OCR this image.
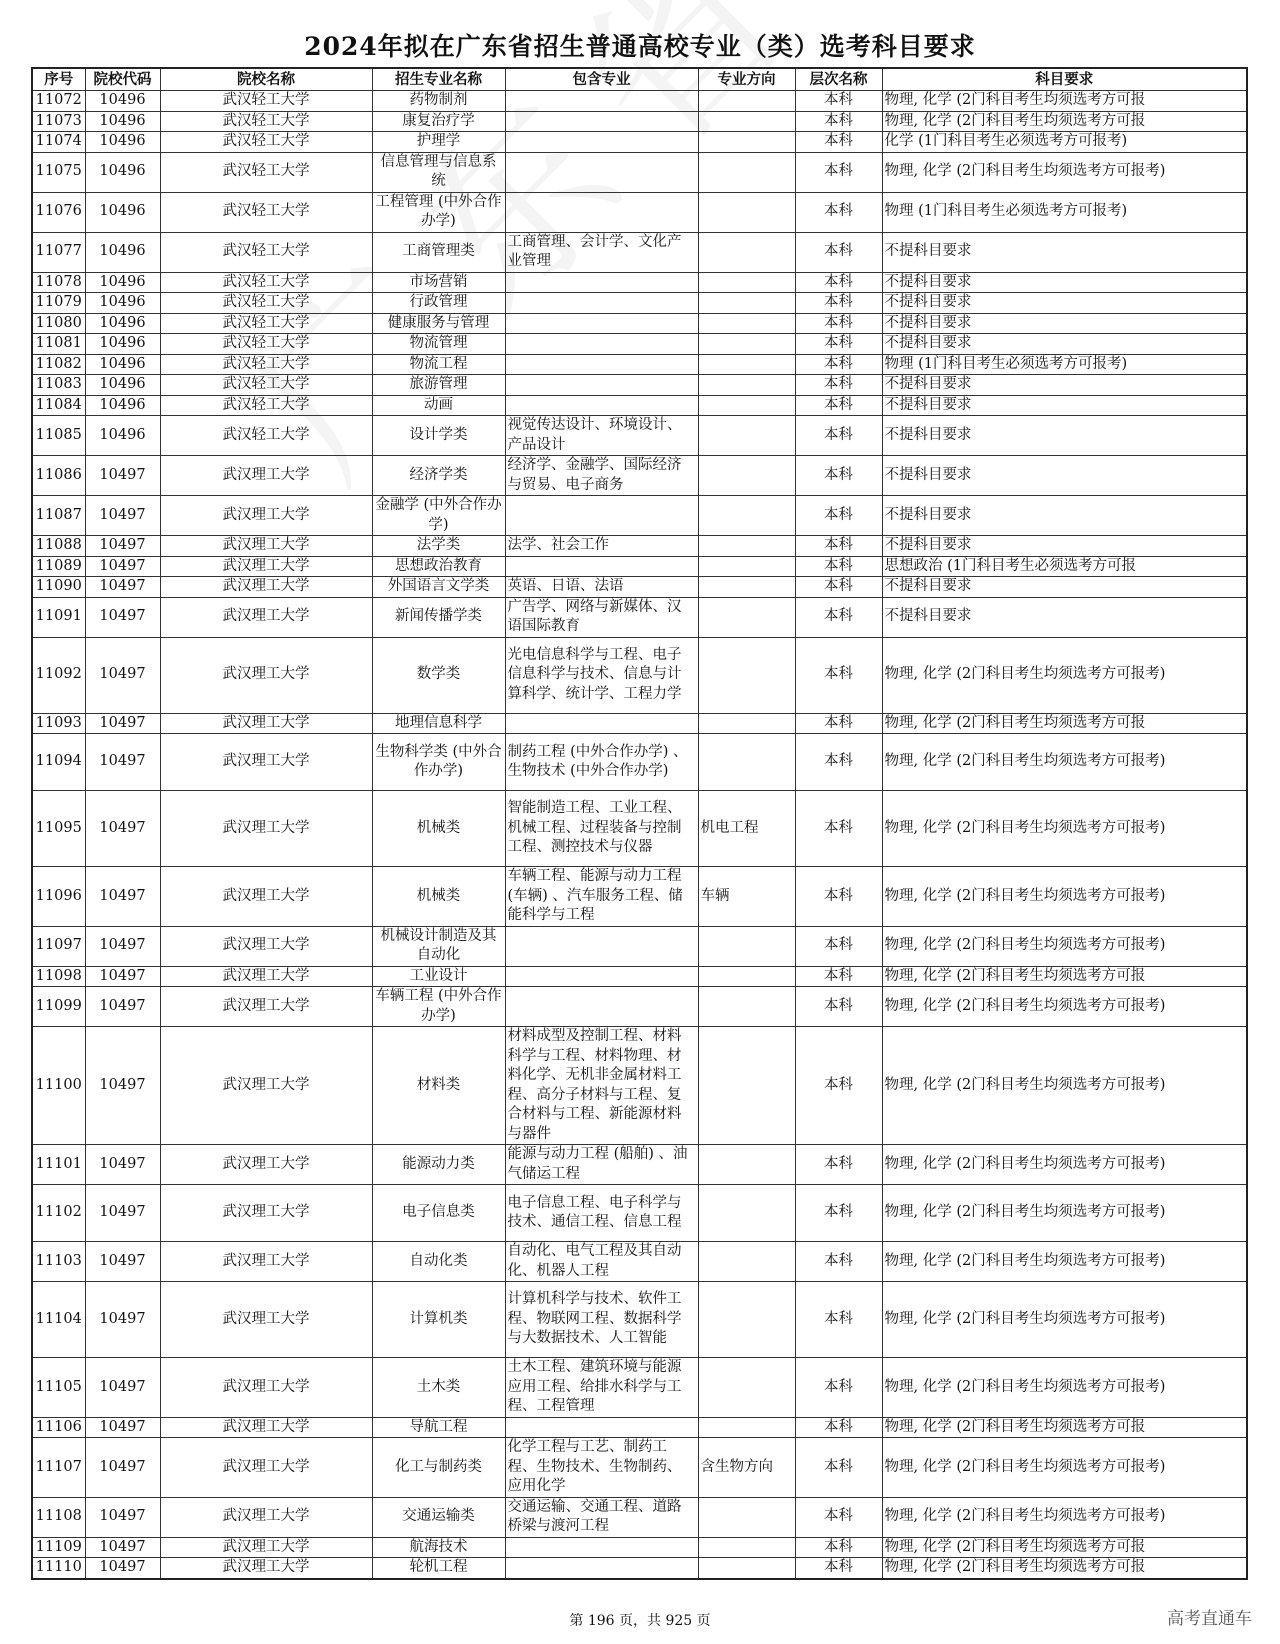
2024年拟在广东省招生普通高校专业（类）选考科目要求
序号	院校代码	院校名称	招生专业名称	包含专业	专业方向	层次名称	科目要求
11072	10496	武汉轻工大学	药物制剂			本科	物理, 化学 (2门科目考生均须选考方可报
11073	10496	武汉轻工大学	康复治疗学			本科	物理, 化学 (2门科目考生均须选考方可报
11074	10496	武汉轻工大学	护理学			本科	化学 (1门科目考生必须选考方可报考)
11075	10496	武汉轻工大学	信息管理与信息系统			本科	物理, 化学 (2门科目考生均须选考方可报考)
11076	10496	武汉轻工大学	工程管理 (中外合作办学)			本科	物理 (1门科目考生必须选考方可报考)
11077	10496	武汉轻工大学	工商管理类	工商管理、会计学、文化产业管理		本科	不提科目要求
11078	10496	武汉轻工大学	市场营销			本科	不提科目要求
11079	10496	武汉轻工大学	行政管理			本科	不提科目要求
11080	10496	武汉轻工大学	健康服务与管理			本科	不提科目要求
11081	10496	武汉轻工大学	物流管理			本科	不提科目要求
11082	10496	武汉轻工大学	物流工程			本科	物理 (1门科目考生必须选考方可报考)
11083	10496	武汉轻工大学	旅游管理			本科	不提科目要求
11084	10496	武汉轻工大学	动画			本科	不提科目要求
11085	10496	武汉轻工大学	设计学类	视觉传达设计、环境设计、产品设计		本科	不提科目要求
11086	10497	武汉理工大学	经济学类	经济学、金融学、国际经济与贸易、电子商务		本科	不提科目要求
11087	10497	武汉理工大学	金融学 (中外合作办学)			本科	不提科目要求
11088	10497	武汉理工大学	法学类	法学、社会工作		本科	不提科目要求
11089	10497	武汉理工大学	思想政治教育			本科	思想政治 (1门科目考生必须选考方可报
11090	10497	武汉理工大学	外国语言文学类	英语、日语、法语		本科	不提科目要求
11091	10497	武汉理工大学	新闻传播学类	广告学、网络与新媒体、汉语国际教育		本科	不提科目要求
11092	10497	武汉理工大学	数学类	光电信息科学与工程、电子信息科学与技术、信息与计算科学、统计学、工程力学		本科	物理, 化学 (2门科目考生均须选考方可报考)
11093	10497	武汉理工大学	地理信息科学			本科	物理, 化学 (2门科目考生均须选考方可报
11094	10497	武汉理工大学	生物科学类 (中外合作办学)	制药工程 (中外合作办学) 、生物技术 (中外合作办学)		本科	物理, 化学 (2门科目考生均须选考方可报考)
11095	10497	武汉理工大学	机械类	智能制造工程、工业工程、机械工程、过程装备与控制工程、测控技术与仪器	机电工程	本科	物理, 化学 (2门科目考生均须选考方可报考)
11096	10497	武汉理工大学	机械类	车辆工程、能源与动力工程 (车辆) 、汽车服务工程、储能科学与工程	车辆	本科	物理, 化学 (2门科目考生均须选考方可报考)
11097	10497	武汉理工大学	机械设计制造及其自动化			本科	物理, 化学 (2门科目考生均须选考方可报考)
11098	10497	武汉理工大学	工业设计			本科	物理, 化学 (2门科目考生均须选考方可报
11099	10497	武汉理工大学	车辆工程 (中外合作办学)			本科	物理, 化学 (2门科目考生均须选考方可报考)
11100	10497	武汉理工大学	材料类	材料成型及控制工程、材料科学与工程、材料物理、材料化学、无机非金属材料工程、高分子材料与工程、复合材料与工程、新能源材料与器件		本科	物理, 化学 (2门科目考生均须选考方可报考)
11101	10497	武汉理工大学	能源动力类	能源与动力工程 (船舶) 、油气储运工程		本科	物理, 化学 (2门科目考生均须选考方可报考)
11102	10497	武汉理工大学	电子信息类	电子信息工程、电子科学与技术、通信工程、信息工程		本科	物理, 化学 (2门科目考生均须选考方可报考)
11103	10497	武汉理工大学	自动化类	自动化、电气工程及其自动化、机器人工程		本科	物理, 化学 (2门科目考生均须选考方可报考)
11104	10497	武汉理工大学	计算机类	计算机科学与技术、软件工程、物联网工程、数据科学与大数据技术、人工智能		本科	物理, 化学 (2门科目考生均须选考方可报考)
11105	10497	武汉理工大学	土木类	土木工程、建筑环境与能源应用工程、给排水科学与工程、工程管理		本科	物理, 化学 (2门科目考生均须选考方可报考)
11106	10497	武汉理工大学	导航工程			本科	物理, 化学 (2门科目考生均须选考方可报
11107	10497	武汉理工大学	化工与制药类	化学工程与工艺、制药工程、生物技术、生物制药、应用化学	含生物方向	本科	物理, 化学 (2门科目考生均须选考方可报考)
11108	10497	武汉理工大学	交通运输类	交通运输、交通工程、道路桥梁与渡河工程		本科	物理, 化学 (2门科目考生均须选考方可报考)
11109	10497	武汉理工大学	航海技术			本科	物理, 化学 (2门科目考生均须选考方可报
11110	10497	武汉理工大学	轮机工程			本科	物理, 化学 (2门科目考生均须选考方可报
第 196 页，共 925 页	高考直通车
